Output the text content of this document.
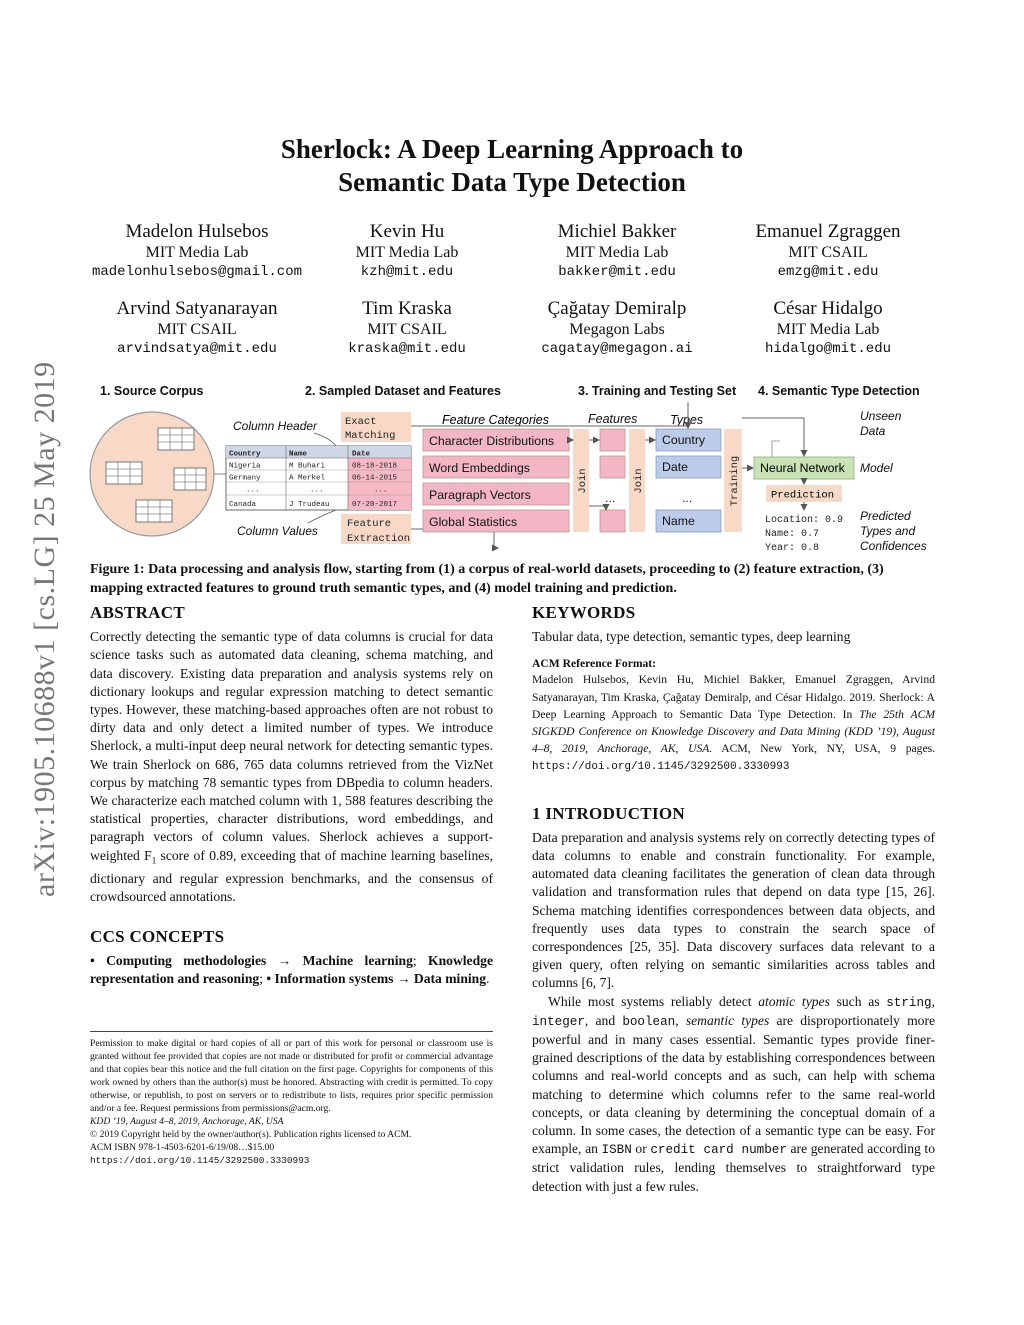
arXiv:1905.10688v1 [cs.LG] 25 May 2019
Sherlock: A Deep Learning Approach to
Semantic Data Type Detection
Madelon Hulsebos
MIT Media Lab
madelonhulsebos@gmail.com
Kevin Hu
MIT Media Lab
kzh@mit.edu
Michiel Bakker
MIT Media Lab
bakker@mit.edu
Emanuel Zgraggen
MIT CSAIL
emzg@mit.edu
Arvind Satyanarayan
MIT CSAIL
arvindsatya@mit.edu
Tim Kraska
MIT CSAIL
kraska@mit.edu
Çağatay Demiralp
Megagon Labs
cagatay@megagon.ai
César Hidalgo
MIT Media Lab
hidalgo@mit.edu
1. Source Corpus	2. Sampled Dataset and Features	3. Training and Testing Set 4. Semantic Type Detection
Country	Name	Date
Nigeria	M Buhari	08-18-2018
Germany	A Merkel	06-14-2015
...	...	...
Canada	J Trudeau	07-20-2017
Column Header
Column Values
Exact
Matching
Feature
Extraction
Feature Categories
Character Distributions
Word Embeddings
Paragraph Vectors
Global Statistics
Join	Join
Features	Types
Country
Date
Name
...	...	Training Neural Network
Prediction
Location: 0.9
Name: 0.7
Year: 0.8
Unseen
Data
Model
Predicted
Types and
Confidences
Figure 1: Data processing and analysis flow, starting from (1) a corpus of real-world datasets, proceeding to (2) feature extraction, (3) mapping extracted features to ground truth semantic types, and (4) model training and prediction.

ABSTRACT

Correctly detecting the semantic type of data columns is crucial for data science tasks such as automated data cleaning, schema matching, and data discovery. Existing data preparation and analysis systems rely on dictionary lookups and regular expression matching to detect semantic types. However, these matching-based approaches often are not robust to dirty data and only detect a limited number of types. We introduce Sherlock, a multi-input deep neural network for detecting semantic types. We train Sherlock on 686, 765 data columns retrieved from the VizNet corpus by matching 78 semantic types from DBpedia to column headers. We characterize each matched column with 1, 588 features describing the statistical properties, character distributions, word embeddings, and paragraph vectors of column values. Sherlock achieves a support-weighted $F_1$ score of 0.89, exceeding that of machine learning baselines, dictionary and regular expression benchmarks, and the consensus of crowdsourced annotations.

CCS CONCEPTS

• Computing methodologies → Machine learning; Knowledge representation and reasoning; • Information systems → Data mining.

Permission to make digital or hard copies of all or part of this work for personal or classroom use is granted without fee provided that copies are not made or distributed for profit or commercial advantage and that copies bear this notice and the full citation on the first page. Copyrights for components of this work owned by others than the author(s) must be honored. Abstracting with credit is permitted. To copy otherwise, or republish, to post on servers or to redistribute to lists, requires prior specific permission and/or a fee. Request permissions from permissions@acm.org.
KDD ’19, August 4–8, 2019, Anchorage, AK, USA
© 2019 Copyright held by the owner/author(s). Publication rights licensed to ACM.
ACM ISBN 978-1-4503-6201-6/19/08…$15.00
https://doi.org/10.1145/3292500.3330993

KEYWORDS

Tabular data, type detection, semantic types, deep learning

ACM Reference Format:

Madelon Hulsebos, Kevin Hu, Michiel Bakker, Emanuel Zgraggen, Arvind Satyanarayan, Tim Kraska, Çağatay Demiralp, and César Hidalgo. 2019. Sherlock: A Deep Learning Approach to Semantic Data Type Detection. In The 25th ACM SIGKDD Conference on Knowledge Discovery and Data Mining (KDD ’19), August 4–8, 2019, Anchorage, AK, USA. ACM, New York, NY, USA, 9 pages. https://doi.org/10.1145/3292500.3330993

1 INTRODUCTION

Data preparation and analysis systems rely on correctly detecting types of data columns to enable and constrain functionality. For example, automated data cleaning facilitates the generation of clean data through validation and transformation rules that depend on data type [15, 26]. Schema matching identifies correspondences between data objects, and frequently uses data types to constrain the search space of correspondences [25, 35]. Data discovery surfaces data relevant to a given query, often relying on semantic similarities across tables and columns [6, 7].

While most systems reliably detect atomic types such as string, integer, and boolean, semantic types are disproportionately more powerful and in many cases essential. Semantic types provide finer-grained descriptions of the data by establishing correspondences between columns and real-world concepts and as such, can help with schema matching to determine which columns refer to the same real-world concepts, or data cleaning by determining the conceptual domain of a column. In some cases, the detection of a semantic type can be easy. For example, an ISBN or credit card number are generated according to strict validation rules, lending themselves to straightforward type detection with just a few rules.
